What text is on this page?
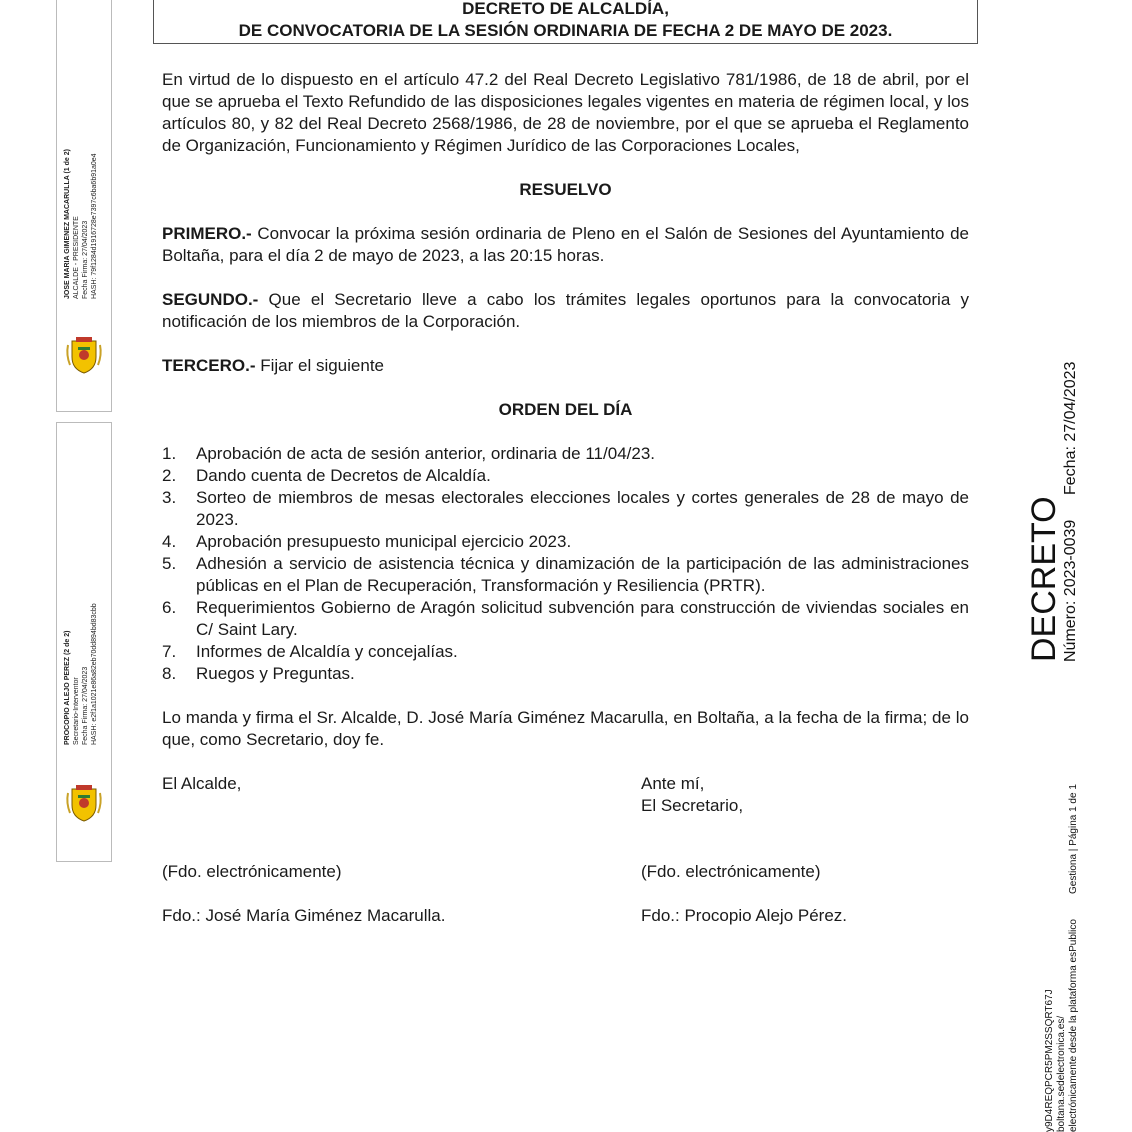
DECRETO DE ALCALDÍA,
DE CONVOCATORIA DE LA SESIÓN ORDINARIA DE FECHA 2 DE MAYO DE 2023.

En virtud de lo dispuesto en el artículo 47.2 del Real Decreto Legislativo 781/1986, de 18 de abril, por el que se aprueba el Texto Refundido de las disposiciones legales vigentes en materia de régimen local, y los artículos 80, y 82 del Real Decreto 2568/1986, de 28 de noviembre, por el que se aprueba el Reglamento de Organización, Funcionamiento y Régimen Jurídico de las Corporaciones Locales,

RESUELVO

PRIMERO.- Convocar la próxima sesión ordinaria de Pleno en el Salón de Sesiones del Ayuntamiento de Boltaña, para el día 2 de mayo de 2023, a las 20:15 horas.

SEGUNDO.- Que el Secretario lleve a cabo los trámites legales oportunos para la convocatoria y notificación de los miembros de la Corporación.

TERCERO.- Fijar el siguiente

ORDEN DEL DÍA

1.	Aprobación de acta de sesión anterior, ordinaria de 11/04/23.
2.	Dando cuenta de Decretos de Alcaldía.
3.	Sorteo de miembros de mesas electorales elecciones locales y cortes generales de 28 de mayo de 2023.
4.	Aprobación presupuesto municipal ejercicio 2023.
5.	Adhesión a servicio de asistencia técnica y dinamización de la participación de las administraciones públicas en el Plan de Recuperación, Transformación y Resiliencia (PRTR).
6.	Requerimientos Gobierno de Aragón solicitud subvención para construcción de viviendas sociales en C/ Saint Lary.
7.	Informes de Alcaldía y concejalías.
8.	Ruegos y Preguntas.

Lo manda y firma el Sr. Alcalde, D. José María Giménez Macarulla, en Boltaña, a la fecha de la firma; de lo que, como Secretario, doy fe.

El Alcalde,	Ante mí,
El Secretario,
(Fdo. electrónicamente)	(Fdo. electrónicamente)
Fdo.: José María Giménez Macarulla.	Fdo.: Procopio Alejo Pérez.
JOSE MARIA GIMENEZ MACARULLA (1 de 2) ALCALDE - PRESIDENTE Fecha Firma: 27/04/2023 HASH: 79f1284d1916728e7397c6ba6b91a0e4
PROCOPIO ALEJO PEREZ (2 de 2) Secretario-Interventor Fecha Firma: 27/04/2023 HASH: e2f1a1021e86a82eb70dd894bd83cbb
DECRETO Número: 2023-0039
Fecha: 27/04/2023
Gestiona | Página 1 de 1
y9D4REQPCR5PM2SSQRT67J boltana.sedelectronica.es/ electrónicamente desde la plataforma esPublico
